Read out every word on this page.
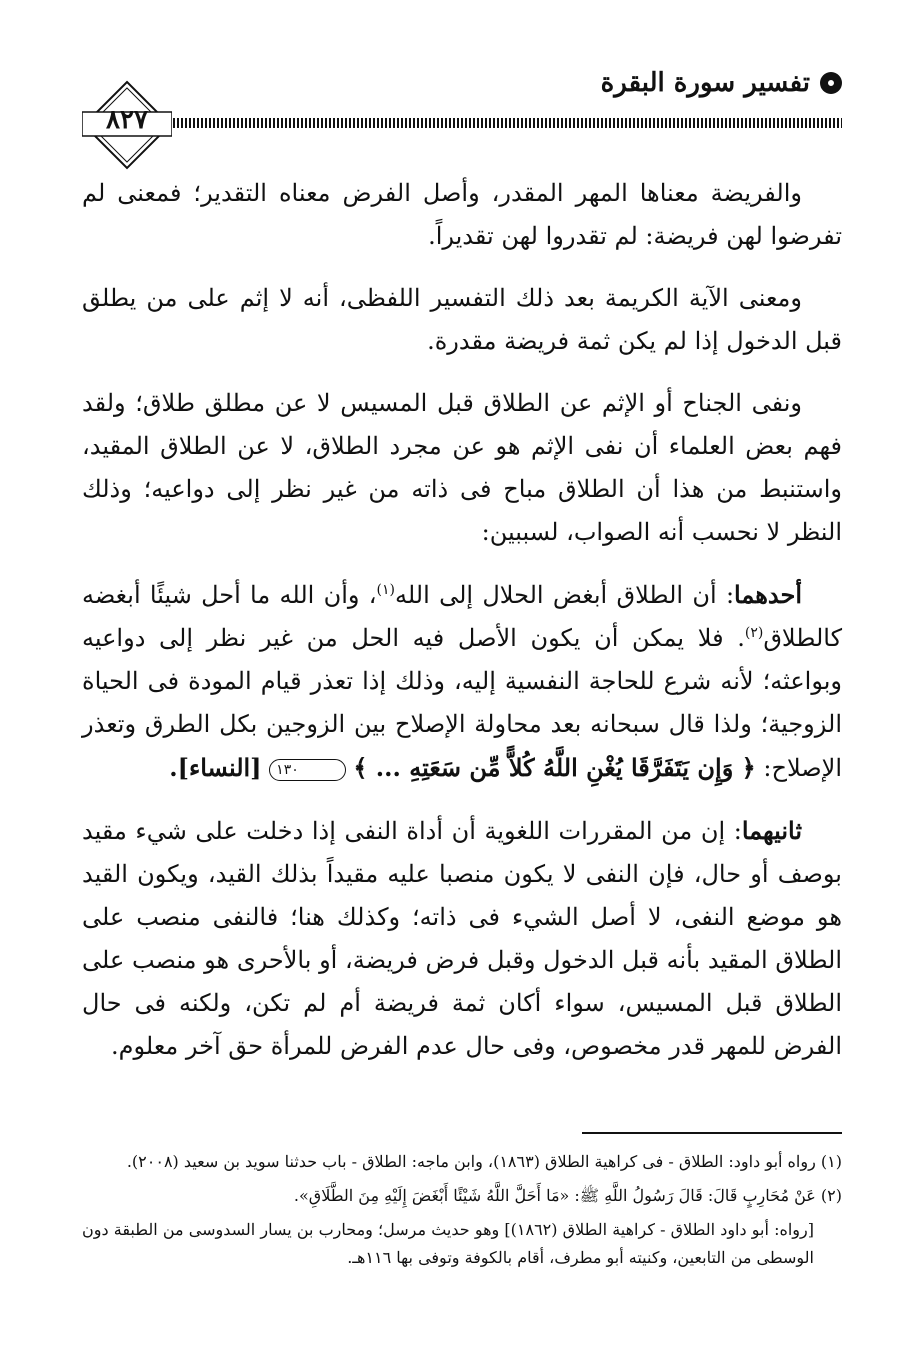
تفسير سورة البقرة
٨٢٧

والفريضة معناها المهر المقدر، وأصل الفرض معناه التقدير؛ فمعنى لم تفرضوا لهن فريضة: لم تقدروا لهن تقديراً.

ومعنى الآية الكريمة بعد ذلك التفسير اللفظى، أنه لا إثم على من يطلق قبل الدخول إذا لم يكن ثمة فريضة مقدرة.

ونفى الجناح أو الإثم عن الطلاق قبل المسيس لا عن مطلق طلاق؛ ولقد فهم بعض العلماء أن نفى الإثم هو عن مجرد الطلاق، لا عن الطلاق المقيد، واستنبط من هذا أن الطلاق مباح فى ذاته من غير نظر إلى دواعيه؛ وذلك النظر لا نحسب أنه الصواب، لسببين:

أحدهما: أن الطلاق أبغض الحلال إلى الله$^{(١)}$، وأن الله ما أحل شيئًا أبغضه كالطلاق$^{(٢)}$. فلا يمكن أن يكون الأصل فيه الحل من غير نظر إلى دواعيه وبواعثه؛ لأنه شرع للحاجة النفسية إليه، وذلك إذا تعذر قيام المودة فى الحياة الزوجية؛ ولذا قال سبحانه بعد محاولة الإصلاح بين الزوجين بكل الطرق وتعذر الإصلاح: ﴿ وَإِن يَتَفَرَّقَا يُغْنِ اللَّهُ كُلاًّ مِّن سَعَتِهِ ... ﴾ ١٣٠ [النساء].

ثانيهما: إن من المقررات اللغوية أن أداة النفى إذا دخلت على شيء مقيد بوصف أو حال، فإن النفى لا يكون منصبا عليه مقيداً بذلك القيد، ويكون القيد هو موضع النفى، لا أصل الشيء فى ذاته؛ وكذلك هنا؛ فالنفى منصب على الطلاق المقيد بأنه قبل الدخول وقبل فرض فريضة، أو بالأحرى هو منصب على الطلاق قبل المسيس، سواء أكان ثمة فريضة أم لم تكن، ولكنه فى حال الفرض للمهر قدر مخصوص، وفى حال عدم الفرض للمرأة حق آخر معلوم.

(١) رواه أبو داود: الطلاق - فى كراهية الطلاق (١٨٦٣)، وابن ماجه: الطلاق - باب حدثنا سويد بن سعيد (٢٠٠٨).

(٢) عَنْ مُحَارِبٍ قَالَ: قَالَ رَسُولُ اللَّهِ ﷺ: «مَا أَحَلَّ اللَّهُ شَيْئًا أَبْغَضَ إِلَيْهِ مِنَ الطَّلَاقِ».

[رواه: أبو داود الطلاق - كراهية الطلاق (١٨٦٢)] وهو حديث مرسل؛ ومحارب بن يسار السدوسى من الطبقة دون الوسطى من التابعين، وكنيته أبو مطرف، أقام بالكوفة وتوفى بها ١١٦هـ.
